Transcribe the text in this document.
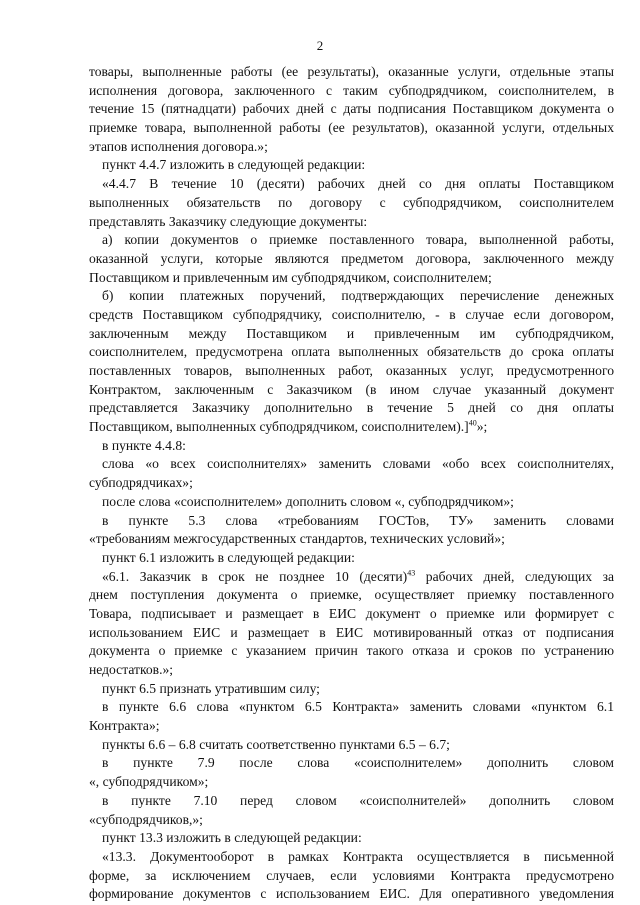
2
товары, выполненные работы (ее результаты), оказанные услуги, отдельные этапы
исполнения договора, заключенного с таким субподрядчиком, соисполнителем, в
течение 15 (пятнадцати) рабочих дней с даты подписания Поставщиком документа о
приемке товара, выполненной работы (ее результатов), оказанной услуги, отдельных
этапов исполнения договора.»;
пункт 4.4.7 изложить в следующей редакции:
«4.4.7 В течение 10 (десяти) рабочих дней со дня оплаты Поставщиком
выполненных обязательств по договору с субподрядчиком, соисполнителем
представлять Заказчику следующие документы:
а) копии документов о приемке поставленного товара, выполненной работы,
оказанной услуги, которые являются предметом договора, заключенного между
Поставщиком и привлеченным им субподрядчиком, соисполнителем;
б) копии платежных поручений, подтверждающих перечисление денежных
средств Поставщиком субподрядчику, соисполнителю, - в случае если договором,
заключенным между Поставщиком и привлеченным им субподрядчиком,
соисполнителем, предусмотрена оплата выполненных обязательств до срока оплаты
поставленных товаров, выполненных работ, оказанных услуг, предусмотренного
Контрактом, заключенным с Заказчиком (в ином случае указанный документ
представляется Заказчику дополнительно в течение 5 дней со дня оплаты
Поставщиком, выполненных субподрядчиком, соисполнителем).]$^{40}$»;
в пункте 4.4.8:
слова «о всех соисполнителях» заменить словами «обо всех соисполнителях,
субподрядчиках»;
после слова «соисполнителем» дополнить словом «, субподрядчиком»;
в пункте 5.3 слова «требованиям ГОСТов, ТУ» заменить словами
«требованиям межгосударственных стандартов, технических условий»;
пункт 6.1 изложить в следующей редакции:
«6.1. Заказчик в срок не позднее 10 (десяти)$^{43}$ рабочих дней, следующих за
днем поступления документа о приемке, осуществляет приемку поставленного
Товара, подписывает и размещает в ЕИС документ о приемке или формирует с
использованием ЕИС и размещает в ЕИС мотивированный отказ от подписания
документа о приемке с указанием причин такого отказа и сроков по устранению
недостатков.»;
пункт 6.5 признать утратившим силу;
в пункте 6.6 слова «пунктом 6.5 Контракта» заменить словами «пунктом 6.1
Контракта»;
пункты 6.6 – 6.8 считать соответственно пунктами 6.5 – 6.7;
в пункте 7.9 после слова «соисполнителем» дополнить словом
«, субподрядчиком»;
в пункте 7.10 перед словом «соисполнителей» дополнить словом
«субподрядчиков,»;
пункт 13.3 изложить в следующей редакции:
«13.3. Документооборот в рамках Контракта осуществляется в письменной
форме, за исключением случаев, если условиями Контракта предусмотрено
формирование документов с использованием ЕИС. Для оперативного уведомления
